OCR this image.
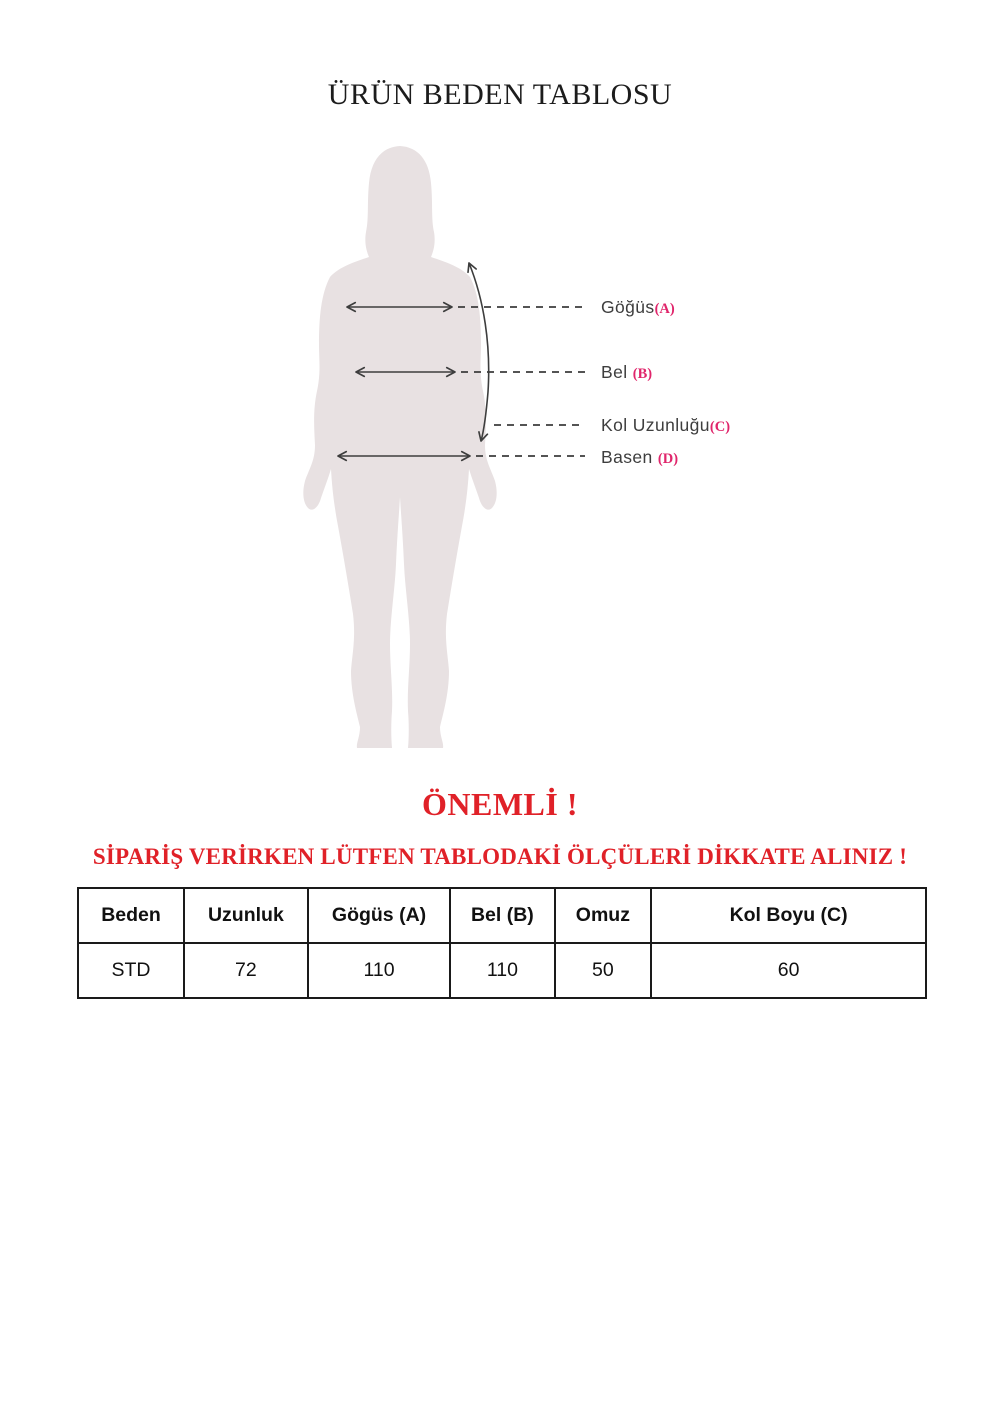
ÜRÜN BEDEN TABLOSU
Göğüs(A)
Bel (B)
Kol Uzunluğu(C)
Basen (D)
ÖNEMLİ !
SİPARİŞ VERİRKEN LÜTFEN TABLODAKİ ÖLÇÜLERİ DİKKATE ALINIZ !
Beden	Uzunluk	Gögüs (A)	Bel (B)	Omuz	Kol Boyu (C)
STD	72	110	110	50	60
